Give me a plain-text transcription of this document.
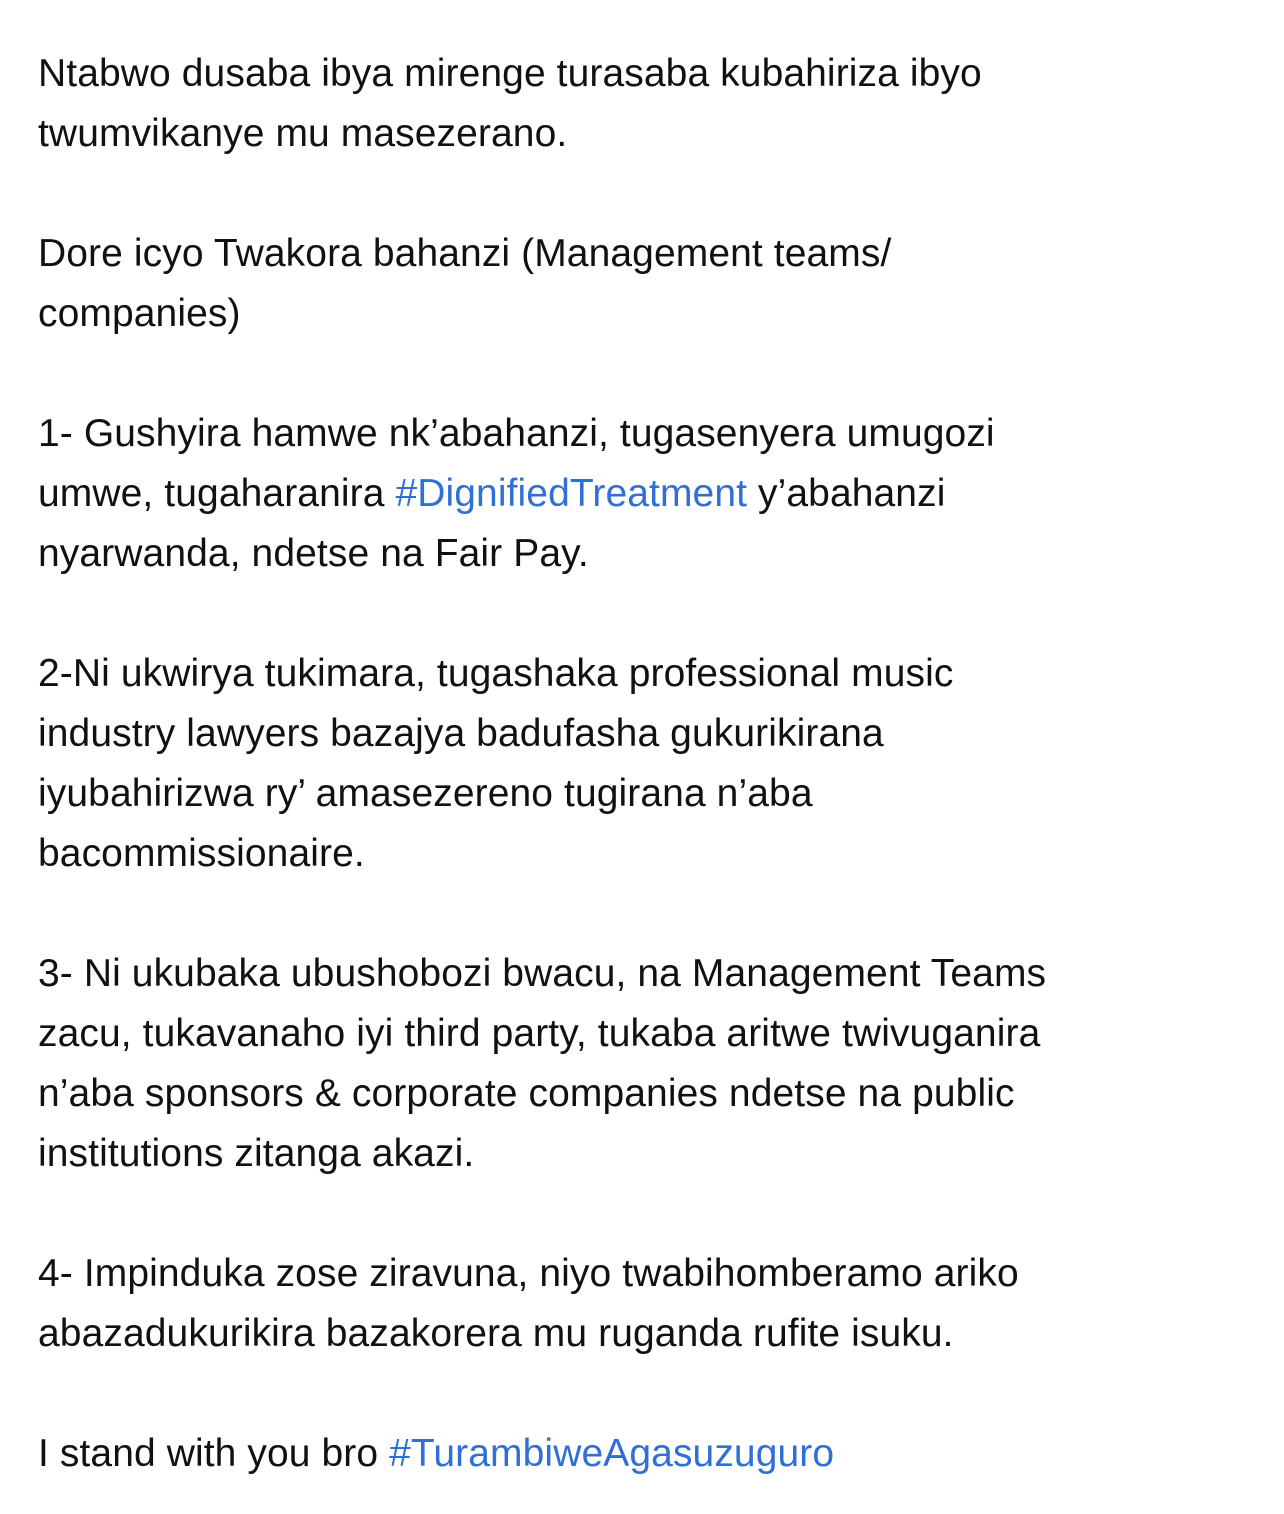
Ntabwo dusaba ibya mirenge turasaba kubahiriza ibyo
twumvikanye mu masezerano.

Dore icyo Twakora bahanzi (Management teams/
companies)

1- Gushyira hamwe nk’abahanzi, tugasenyera umugozi
umwe, tugaharanira #DignifiedTreatment y’abahanzi
nyarwanda, ndetse na Fair Pay.

2-Ni ukwirya tukimara, tugashaka professional music
industry lawyers bazajya badufasha gukurikirana
iyubahirizwa ry’ amasezereno tugirana n’aba
bacommissionaire.

3- Ni ukubaka ubushobozi bwacu, na Management Teams
zacu, tukavanaho iyi third party, tukaba aritwe twivuganira
n’aba sponsors & corporate companies ndetse na public
institutions zitanga akazi.

4- Impinduka zose ziravuna, niyo twabihomberamo ariko
abazadukurikira bazakorera mu ruganda rufite isuku.

I stand with you bro #TurambiweAgasuzuguro
